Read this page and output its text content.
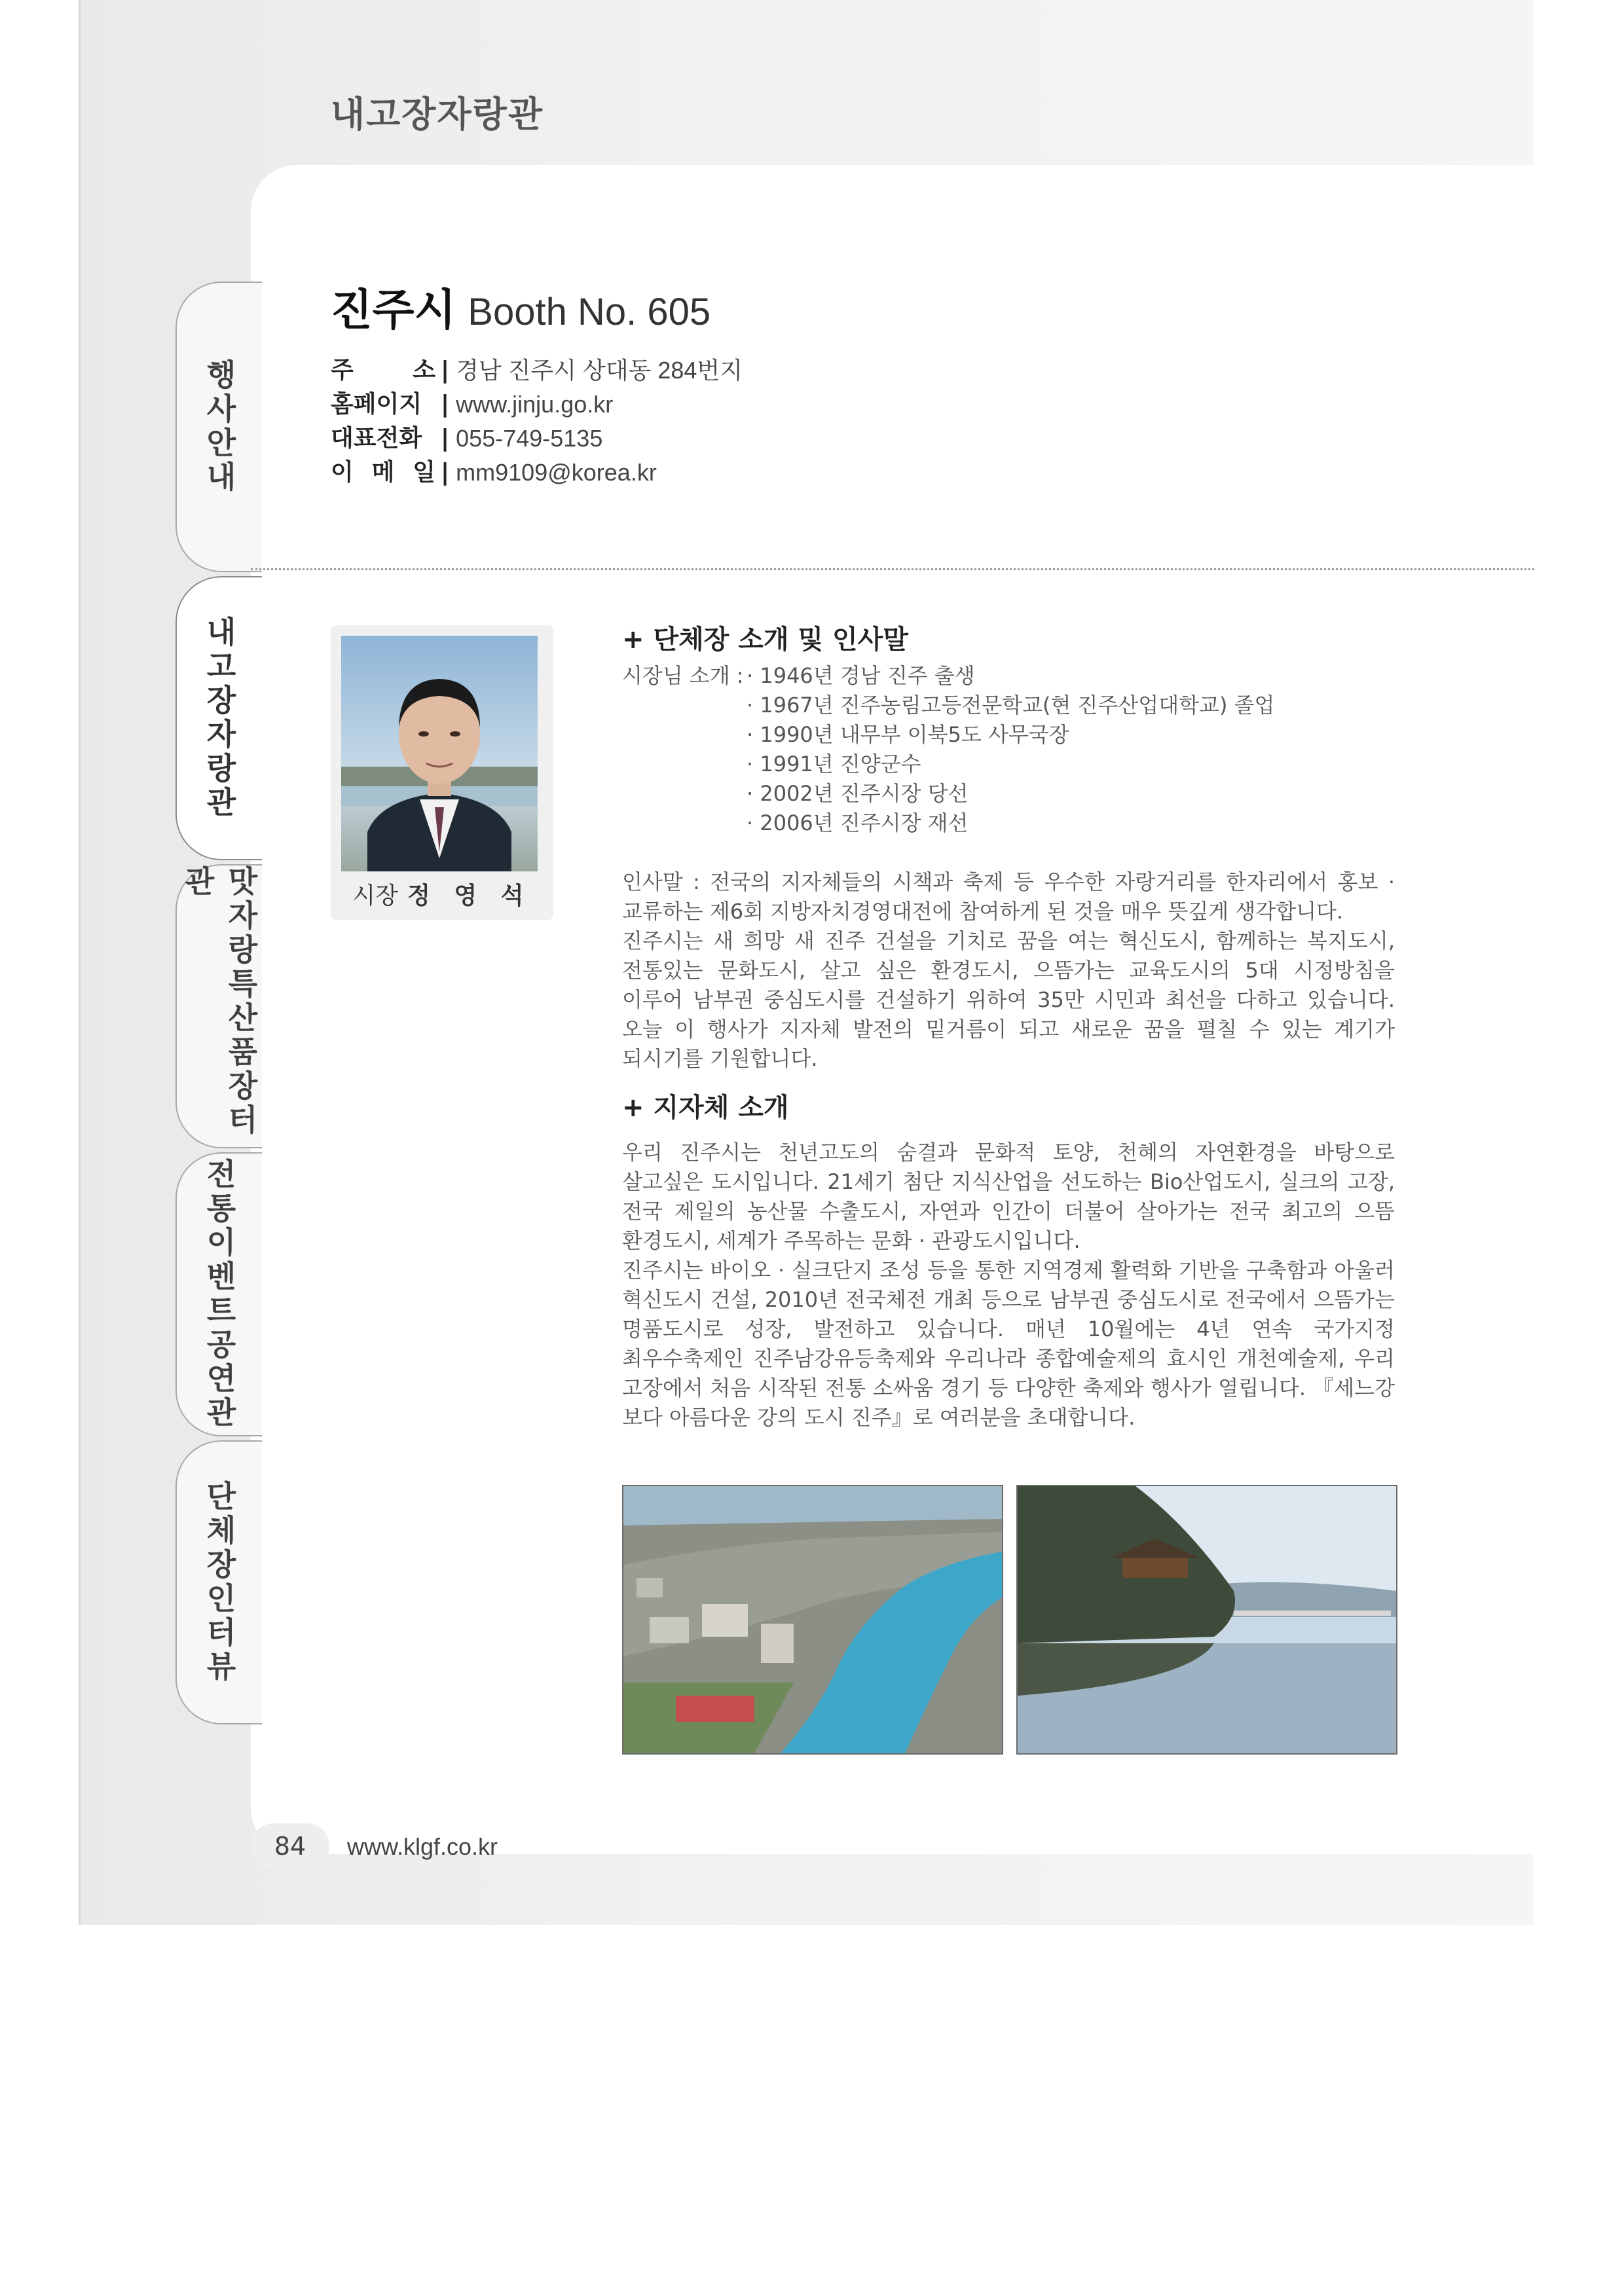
내고장자랑관
행사안내
내고장자랑관
맛자랑특산품장터관
전통이벤트공연관
단체장인터뷰
진주시 Booth No. 605
주 소 | 경남 진주시 상대동 284번지
홈페이지 | www.jinju.go.kr
대표전화 | 055-749-5135
이 메 일 | mm9109@korea.kr
시장 정 영 석
+ 단체장 소개 및 인사말
시장님 소개 : · 1946년 경남 진주 출생
· 1967년 진주농림고등전문학교(현 진주산업대학교) 졸업
· 1990년 내무부 이북5도 사무국장
· 1991년 진양군수
· 2002년 진주시장 당선
· 2006년 진주시장 재선

인사말 : 전국의 지자체들의 시책과 축제 등 우수한 자랑거리를 한자리에서 홍보 · 교류하는 제6회 지방자치경영대전에 참여하게 된 것을 매우 뜻깊게 생각합니다.

진주시는 새 희망 새 진주 건설을 기치로 꿈을 여는 혁신도시, 함께하는 복지도시, 전통있는 문화도시, 살고 싶은 환경도시, 으뜸가는 교육도시의 5대 시정방침을 이루어 남부권 중심도시를 건설하기 위하여 35만 시민과 최선을 다하고 있습니다. 오늘 이 행사가 지자체 발전의 밑거름이 되고 새로운 꿈을 펼칠 수 있는 계기가 되시기를 기원합니다.

+ 지자체 소개

우리 진주시는 천년고도의 숨결과 문화적 토양, 천혜의 자연환경을 바탕으로 살고싶은 도시입니다. 21세기 첨단 지식산업을 선도하는 Bio산업도시, 실크의 고장, 전국 제일의 농산물 수출도시, 자연과 인간이 더불어 살아가는 전국 최고의 으뜸 환경도시, 세계가 주목하는 문화 · 관광도시입니다.

진주시는 바이오 · 실크단지 조성 등을 통한 지역경제 활력화 기반을 구축함과 아울러 혁신도시 건설, 2010년 전국체전 개최 등으로 남부권 중심도시로 전국에서 으뜸가는 명품도시로 성장, 발전하고 있습니다. 매년 10월에는 4년 연속 국가지정 최우수축제인 진주남강유등축제와 우리나라 종합예술제의 효시인 개천예술제, 우리 고장에서 처음 시작된 전통 소싸움 경기 등 다양한 축제와 행사가 열립니다. 『세느강 보다 아름다운 강의 도시 진주』로 여러분을 초대합니다.

84	www.klgf.co.kr
